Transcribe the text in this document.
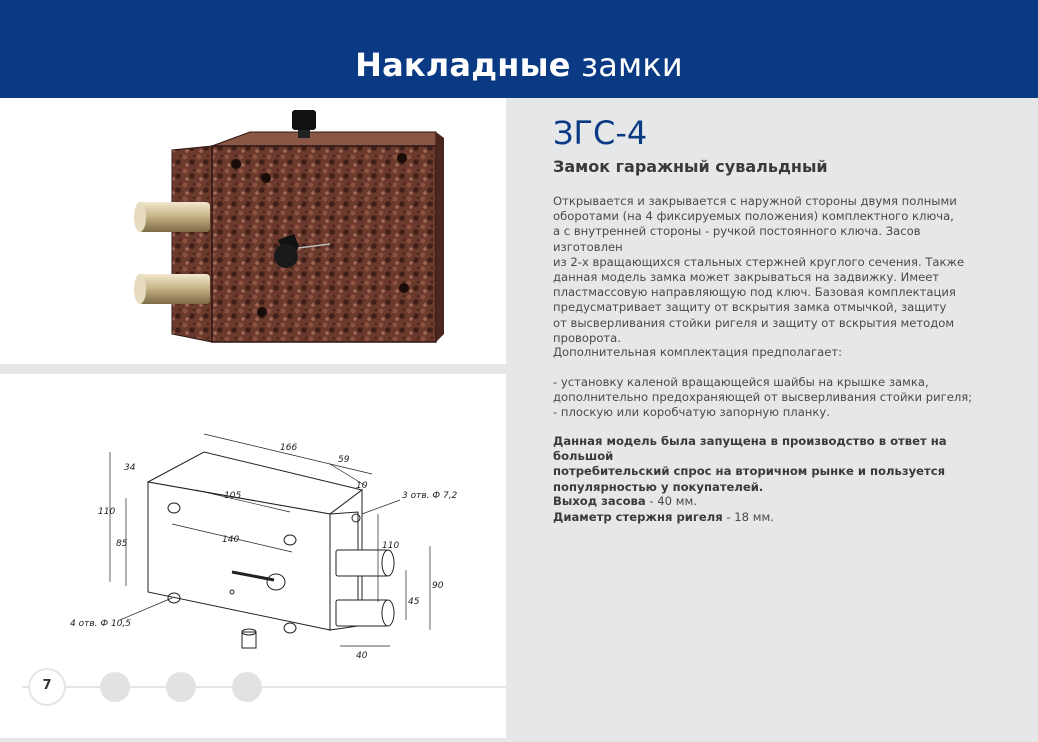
Накладные замки
166
59
34
105
140
110
85
10
110
90
45
40
3 отв. Ф 7,2
4 отв. Ф 10,5
ЗГС-4
Замок гаражный сувальдный

Открывается и закрывается с наружной стороны двумя полными
оборотами (на 4 фиксируемых положения) комплектного ключа,
а с внутренней стороны - ручкой постоянного ключа. Засов изготовлен
из 2-х вращающихся стальных стержней круглого сечения. Также
данная модель замка может закрываться на задвижку. Имеет
пластмассовую направляющую под ключ. Базовая комплектация
предусматривает защиту от вскрытия замка отмычкой, защиту
от высверливания стойки ригеля и защиту от вскрытия методом
проворота.

Дополнительная комплектация предполагает:

- установку каленой вращающейся шайбы на крышке замка,
дополнительно предохраняющей от высверливания стойки ригеля;
- плоскую или коробчатую запорную планку.

Данная модель была запущена в производство в ответ на большой
потребительский спрос на вторичном рынке и пользуется
популярностью у покупателей.

Выход засова - 40 мм.
Диаметр стержня ригеля - 18 мм.
7
